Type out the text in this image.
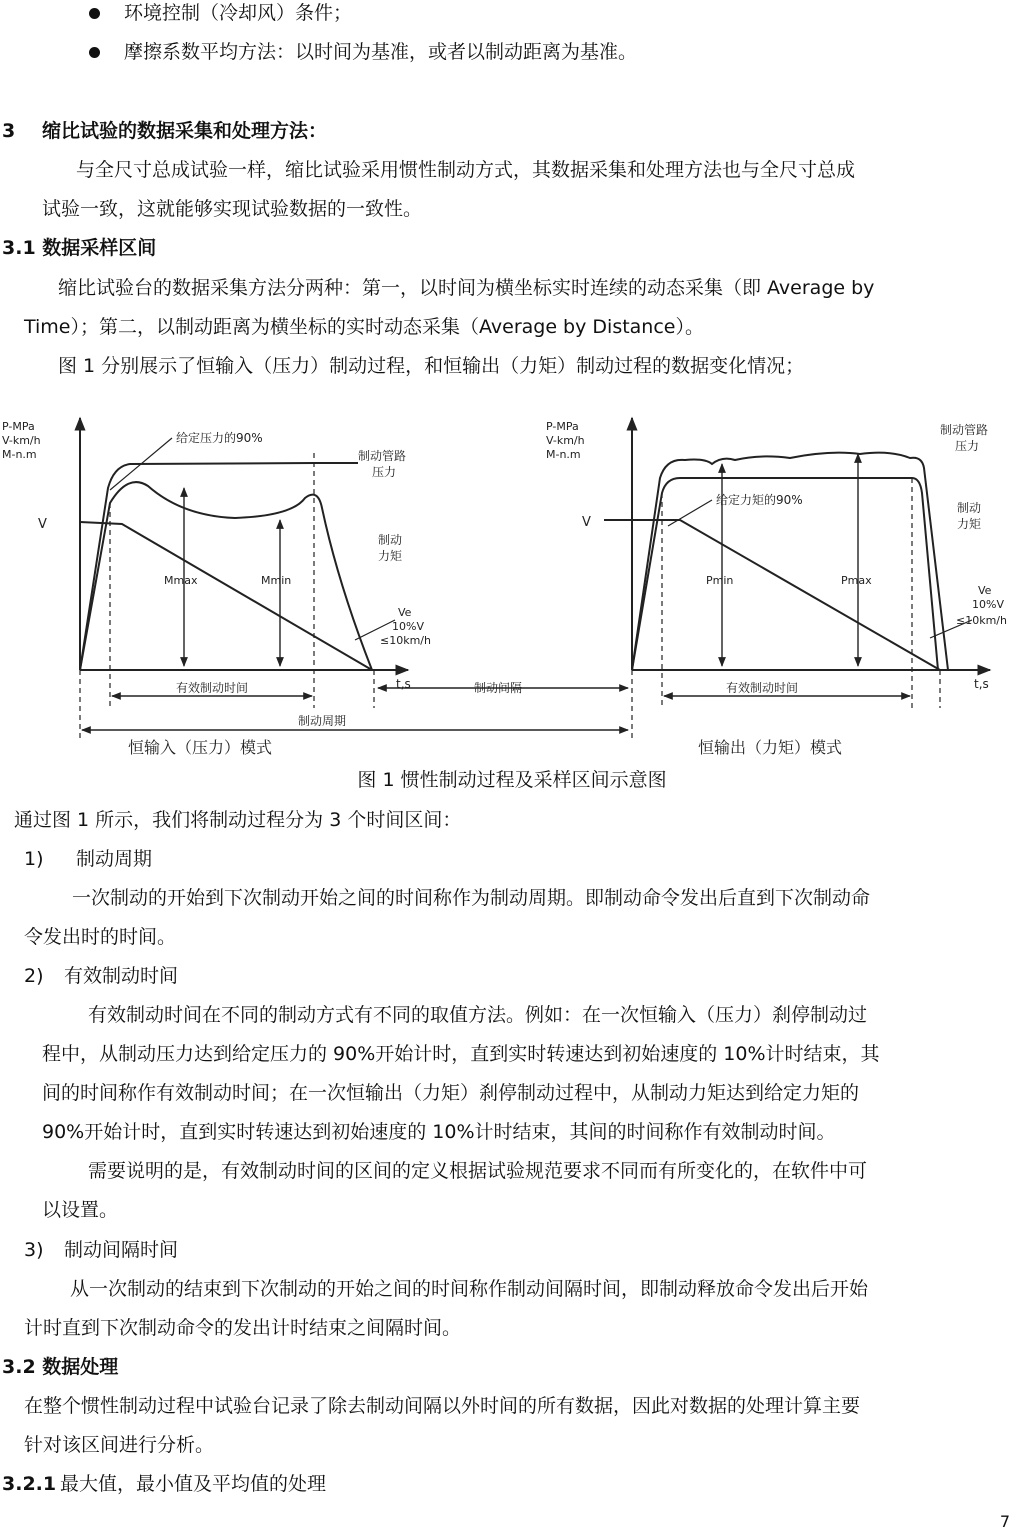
环境控制（冷却风）条件；
摩擦系数平均方法：以时间为基准，或者以制动距离为基准。
3 缩比试验的数据采集和处理方法：
与全尺寸总成试验一样，缩比试验采用惯性制动方式，其数据采集和处理方法也与全尺寸总成
试验一致，这就能够实现试验数据的一致性。
3.1 数据采样区间
缩比试验台的数据采集方法分两种：第一，以时间为横坐标实时连续的动态采集（即 Average by
Time）；第二，以制动距离为横坐标的实时动态采集（Average by Distance）。
图 1 分别展示了恒输入（压力）制动过程，和恒输出（力矩）制动过程的数据变化情况；
P-MPa
V-km/h
M-n.m
V
给定压力的90%
制动管路
压力
制动
力矩
Mmax	Mmin
Ve
10%V
≤10km/h
有效制动时间	t,s
恒输入（压力）模式
制动间隔
制动周期
P-MPa
V-km/h
M-n.m
V
给定力矩的90%
制动管路
压力
制动
力矩
Pmin	Pmax
Ve
10%V
≤10km/h
有效制动时间	t,s
恒输出（力矩）模式
图 1 惯性制动过程及采样区间示意图
通过图 1 所示，我们将制动过程分为 3 个时间区间：
1) 制动周期
一次制动的开始到下次制动开始之间的时间称作为制动周期。即制动命令发出后直到下次制动命
令发出时的时间。
2) 有效制动时间
有效制动时间在不同的制动方式有不同的取值方法。例如：在一次恒输入（压力）刹停制动过
程中，从制动压力达到给定压力的 90%开始计时，直到实时转速达到初始速度的 10%计时结束，其
间的时间称作有效制动时间；在一次恒输出（力矩）刹停制动过程中，从制动力矩达到给定力矩的
90%开始计时，直到实时转速达到初始速度的 10%计时结束，其间的时间称作有效制动时间。
需要说明的是，有效制动时间的区间的定义根据试验规范要求不同而有所变化的，在软件中可
以设置。
3) 制动间隔时间
从一次制动的结束到下次制动的开始之间的时间称作制动间隔时间，即制动释放命令发出后开始
计时直到下次制动命令的发出计时结束之间隔时间。
3.2 数据处理
在整个惯性制动过程中试验台记录了除去制动间隔以外时间的所有数据，因此对数据的处理计算主要
针对该区间进行分析。
3.2.1 最大值，最小值及平均值的处理
7
